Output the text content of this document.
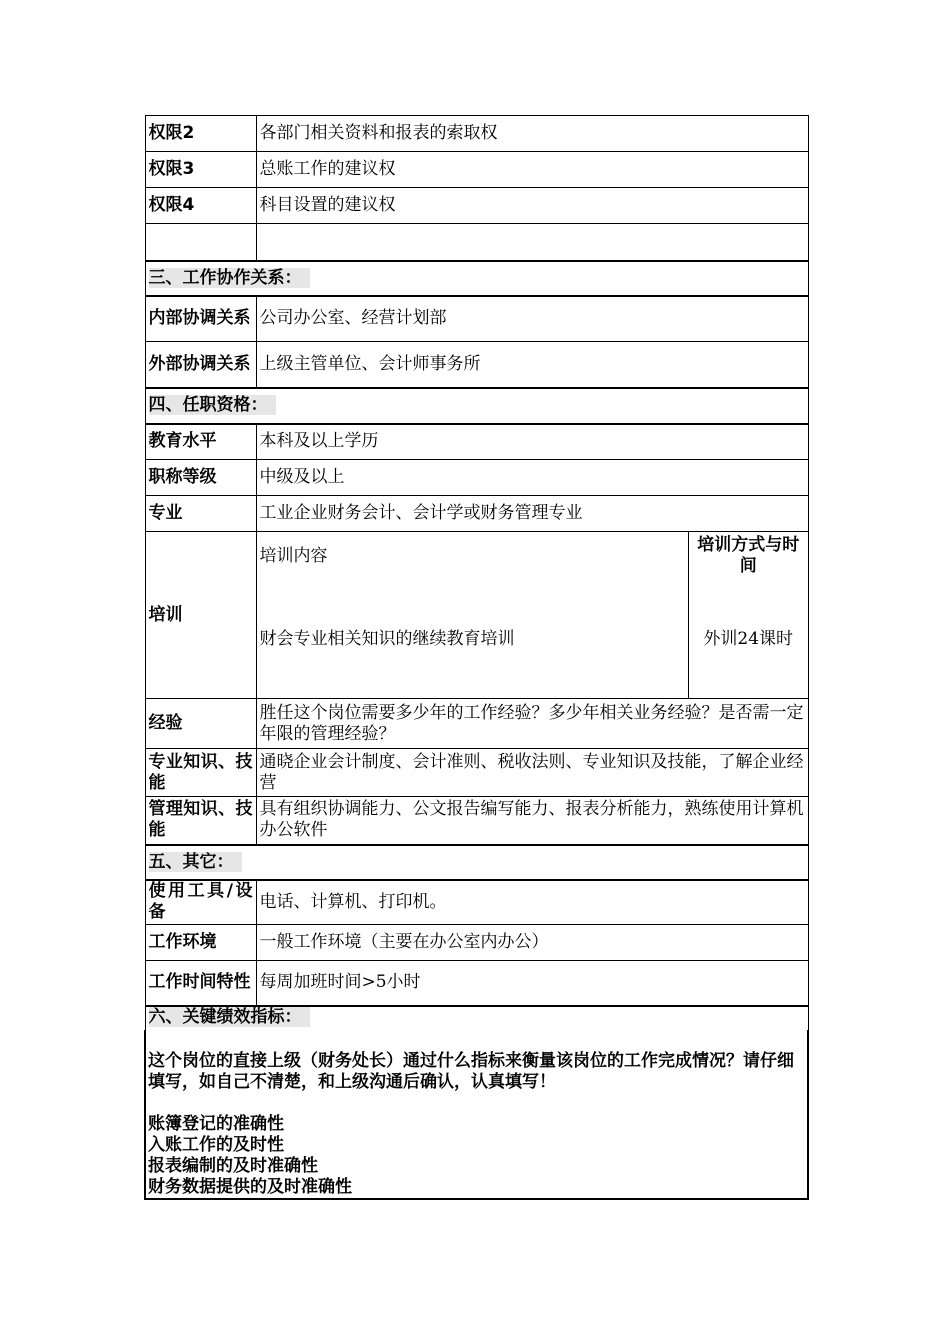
权限2	各部门相关资料和报表的索取权
权限3	总账工作的建议权
权限4	科目设置的建议权

三、工作协作关系：
内部协调关系	公司办公室、经营计划部
外部协调关系	上级主管单位、会计师事务所
四、任职资格：
教育水平	本科及以上学历
职称等级	中级及以上
专业	工业企业财务会计、会计学或财务管理专业
培训	
培训内容	培训方式与时间
财会专业相关知识的继续教育培训	外训24课时

经验	胜任这个岗位需要多少年的工作经验？多少年相关业务经验？是否需一定年限的管理经验？
专业知识、技能	通晓企业会计制度、会计准则、税收法则、专业知识及技能，了解企业经营
管理知识、技能	具有组织协调能力、公文报告编写能力、报表分析能力，熟练使用计算机办公软件
五、其它：
使用工具/设备	电话、计算机、打印机。
工作环境	一般工作环境（主要在办公室内办公）
工作时间特性	每周加班时间>5小时
六、关键绩效指标：

这个岗位的直接上级（财务处长）通过什么指标来衡量该岗位的工作完成情况？请仔细填写，如自己不清楚，和上级沟通后确认，认真填写！

账簿登记的准确性
入账工作的及时性
报表编制的及时准确性
财务数据提供的及时准确性
